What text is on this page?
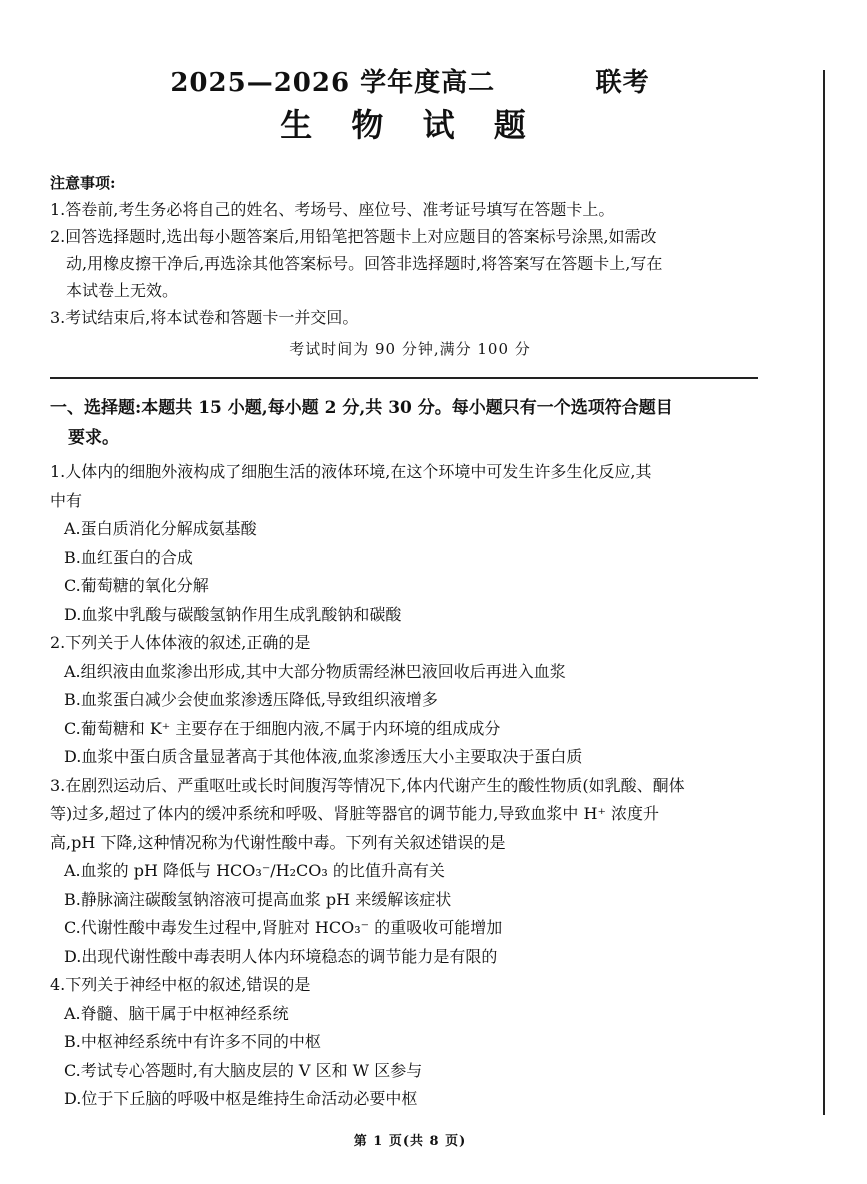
2025—2026 学年度高二          联考
生 物 试 题
注意事项:

1.答卷前,考生务必将自己的姓名、考场号、座位号、准考证号填写在答题卡上。

2.回答选择题时,选出每小题答案后,用铅笔把答题卡上对应题目的答案标号涂黑,如需改
动,用橡皮擦干净后,再选涂其他答案标号。回答非选择题时,将答案写在答题卡上,写在
本试卷上无效。

3.考试结束后,将本试卷和答题卡一并交回。

考试时间为 90 分钟,满分 100 分
一、选择题:本题共 15 小题,每小题 2 分,共 30 分。每小题只有一个选项符合题目
要求。
1.人体内的细胞外液构成了细胞生活的液体环境,在这个环境中可发生许多生化反应,其
中有
A.蛋白质消化分解成氨基酸
B.血红蛋白的合成
C.葡萄糖的氧化分解
D.血浆中乳酸与碳酸氢钠作用生成乳酸钠和碳酸
2.下列关于人体体液的叙述,正确的是
A.组织液由血浆渗出形成,其中大部分物质需经淋巴液回收后再进入血浆
B.血浆蛋白减少会使血浆渗透压降低,导致组织液增多
C.葡萄糖和 K⁺ 主要存在于细胞内液,不属于内环境的组成成分
D.血浆中蛋白质含量显著高于其他体液,血浆渗透压大小主要取决于蛋白质
3.在剧烈运动后、严重呕吐或长时间腹泻等情况下,体内代谢产生的酸性物质(如乳酸、酮体
等)过多,超过了体内的缓冲系统和呼吸、肾脏等器官的调节能力,导致血浆中 H⁺ 浓度升
高,pH 下降,这种情况称为代谢性酸中毒。下列有关叙述错误的是
A.血浆的 pH 降低与 HCO₃⁻/H₂CO₃ 的比值升高有关
B.静脉滴注碳酸氢钠溶液可提高血浆 pH 来缓解该症状
C.代谢性酸中毒发生过程中,肾脏对 HCO₃⁻ 的重吸收可能增加
D.出现代谢性酸中毒表明人体内环境稳态的调节能力是有限的
4.下列关于神经中枢的叙述,错误的是
A.脊髓、脑干属于中枢神经系统
B.中枢神经系统中有许多不同的中枢
C.考试专心答题时,有大脑皮层的 V 区和 W 区参与
D.位于下丘脑的呼吸中枢是维持生命活动必要中枢
第 1 页(共 8 页)
